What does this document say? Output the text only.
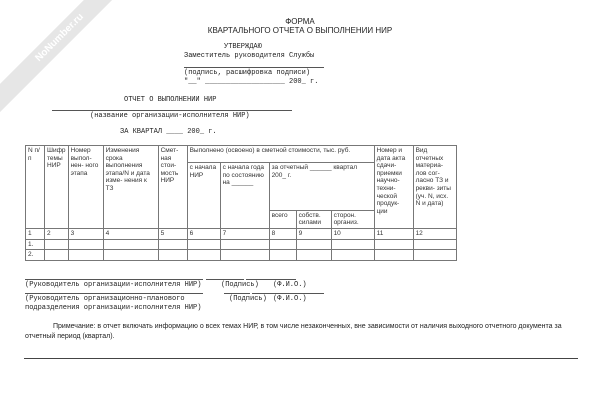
NoNumber.ru	ФОРМА
КВАРТАЛЬНОГО ОТЧЕТА О ВЫПОЛНЕНИИ НИР
УТВЕРЖДАЮ
Заместитель руководителя Службы
(подпись, расшифровка подписи)
"__" ___________________ 200_ г.
ОТЧЕТ О ВЫПОЛНЕНИИ НИР
(название организации-исполнителя НИР)
ЗА КВАРТАЛ ____ 200_ г.
N п/п	Шифр темы НИР	Номер выпол- нен- ного этапа	Изменения срока выполнения этапа/N и дата изме- нения к ТЗ	Смет- ная стои- мость НИР	Выполнено (освоено) в сметной стоимости, тыс. руб.					Номер и дата акта сдачи- приемки научно- техни- ческой продук- ции	Вид отчетных материа- лов сог- ласно ТЗ и рекви- зиты (уч. N, исх. N и дата)
					с начала НИР	с начала года по состоянию на ______	за отчетный ______ квартал 200_ г.				
							всего	собств. силами	сторон. организ.		
1	2	3	4	5	6	7	8	9	10	11	12
1.											
2.											
(Руководитель организации-исполнителя НИР)	(Подпись) (Ф.И.О.)
(Руководитель организационно-планового
подразделения организации-исполнителя НИР)
(Подпись) (Ф.И.О.)
Примечание: в отчет включать информацию о всех темах НИР, в том числе незаконченных, вне зависимости от наличия выходного отчетного документа за отчетный период (квартал).
